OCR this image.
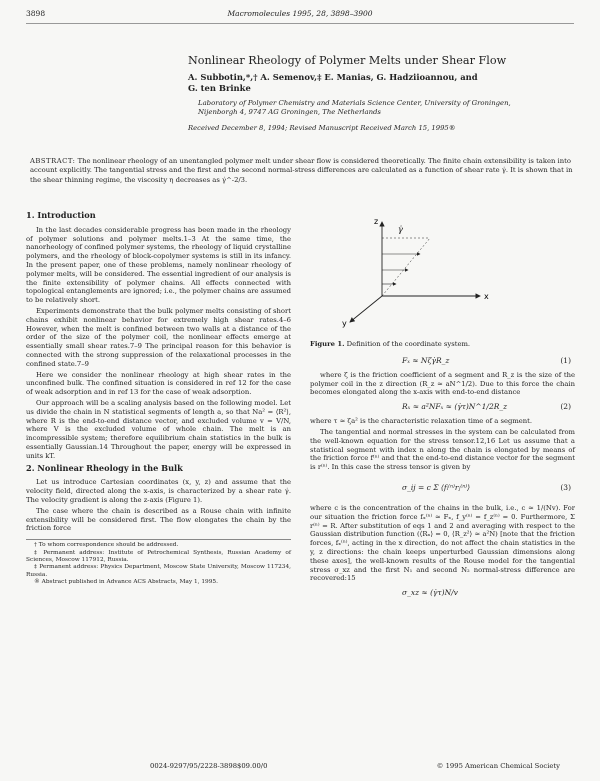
3898	Macromolecules 1995, 28, 3898–3900
Nonlinear Rheology of Polymer Melts under Shear Flow
A. Subbotin,*,† A. Semenov,‡ E. Manias, G. Hadziioannou, and
G. ten Brinke
Laboratory of Polymer Chemistry and Materials Science Center, University of Groningen,
Nijenborgh 4, 9747 AG Groningen, The Netherlands
Received December 8, 1994; Revised Manuscript Received March 15, 1995®
ABSTRACT: The nonlinear rheology of an unentangled polymer melt under shear flow is considered theoretically. The finite chain extensibility is taken into account explicitly. The tangential stress and the first and the second normal-stress differences are calculated as a function of shear rate γ̇. It is shown that in the shear thinning regime, the viscosity η decreases as γ̇^-2/3.
1. Introduction

In the last decades considerable progress has been made in the rheology of polymer solutions and polymer melts.1–3 At the same time, the nanorheology of confined polymer systems, the rheology of liquid crystalline polymers, and the rheology of block-copolymer systems is still in its infancy. In the present paper, one of these problems, namely nonlinear rheology of polymer melts, will be considered. The essential ingredient of our analysis is the finite extensibility of polymer chains. All effects connected with topological entanglements are ignored; i.e., the polymer chains are assumed to be relatively short.

Experiments demonstrate that the bulk polymer melts consisting of short chains exhibit nonlinear behavior for extremely high shear rates.4–6 However, when the melt is confined between two walls at a distance of the order of the size of the polymer coil, the nonlinear effects emerge at essentially small shear rates.7–9 The principal reason for this behavior is connected with the strong suppression of the relaxational processes in the confined state.7–9

Here we consider the nonlinear rheology at high shear rates in the unconfined bulk. The confined situation is considered in ref 12 for the case of weak adsorption and in ref 13 for the case of weak adsorption.

Our approach will be a scaling analysis based on the following model. Let us divide the chain in N statistical segments of length a, so that Na² = ⟨R²⟩, where R is the end-to-end distance vector, and excluded volume v = V/N, where V is the excluded volume of whole chain. The melt is an incompressible system; therefore equilibrium chain statistics in the bulk is essentially Gaussian.14 Throughout the paper, energy will be expressed in units kT.

2. Nonlinear Rheology in the Bulk

Let us introduce Cartesian coordinates (x, y, z) and assume that the velocity field, directed along the x-axis, is characterized by a shear rate γ̇. The velocity gradient is along the z-axis (Figure 1).

The case where the chain is described as a Rouse chain with infinite extensibility will be considered first. The flow elongates the chain by the friction force

† To whom correspondence should be addressed.
‡ Permanent address: Institute of Petrochemical Synthesis, Russian Academy of Sciences, Moscow 117912, Russia.
‡ Permanent address: Physics Department, Moscow State University, Moscow 117234, Russia.
® Abstract published in Advance ACS Abstracts, May 1, 1995.
z
x
y
γ̇
Figure 1. Definition of the coordinate system.
Fₓ ≈ Nζγ̇R_z	(1)

where ζ is the friction coefficient of a segment and R_z is the size of the polymer coil in the z direction (R_z ≈ aN^1/2). Due to this force the chain becomes elongated along the x-axis with end-to-end distance

Rₓ ≈ a²NFₓ ≈ (γ̇τ)N^1/2R_z	(2)

where τ ≈ ζa² is the characteristic relaxation time of a segment.

The tangential and normal stresses in the system can be calculated from the well-known equation for the stress tensor.12,16 Let us assume that a statistical segment with index n along the chain is elongated by means of the friction force f⁽ⁿ⁾ and that the end-to-end distance vector for the segment is r⁽ⁿ⁾. In this case the stress tensor is given by

σ_ij = c Σ ⟨fᵢ⁽ⁿ⁾rⱼ⁽ⁿ⁾⟩	(3)

where c is the concentration of the chains in the bulk, i.e., c ≈ 1/(Nv). For our situation the friction force fₓ⁽ⁿ⁾ ≈ Fₓ, f_y⁽ⁿ⁾ = f_z⁽ⁿ⁾ = 0. Furthermore, Σ r⁽ⁿ⁾ = R. After substitution of eqs 1 and 2 and averaging with respect to the Gaussian distribution function (⟨Rₓ⟩ = 0, ⟨R_z²⟩ ≈ a²N) [note that the friction forces, fₓ⁽ⁿ⁾, acting in the x direction, do not affect the chain statistics in the y, z directions: the chain keeps unperturbed Gaussian dimensions along these axes], the well-known results of the Rouse model for the tangential stress σ_xz and the first N₁ and second N₂ normal-stress difference are recovered:15

σ_xz ≈ (γ̇τ)N/v
0024-9297/95/2228-3898$09.00/0	© 1995 American Chemical Society
